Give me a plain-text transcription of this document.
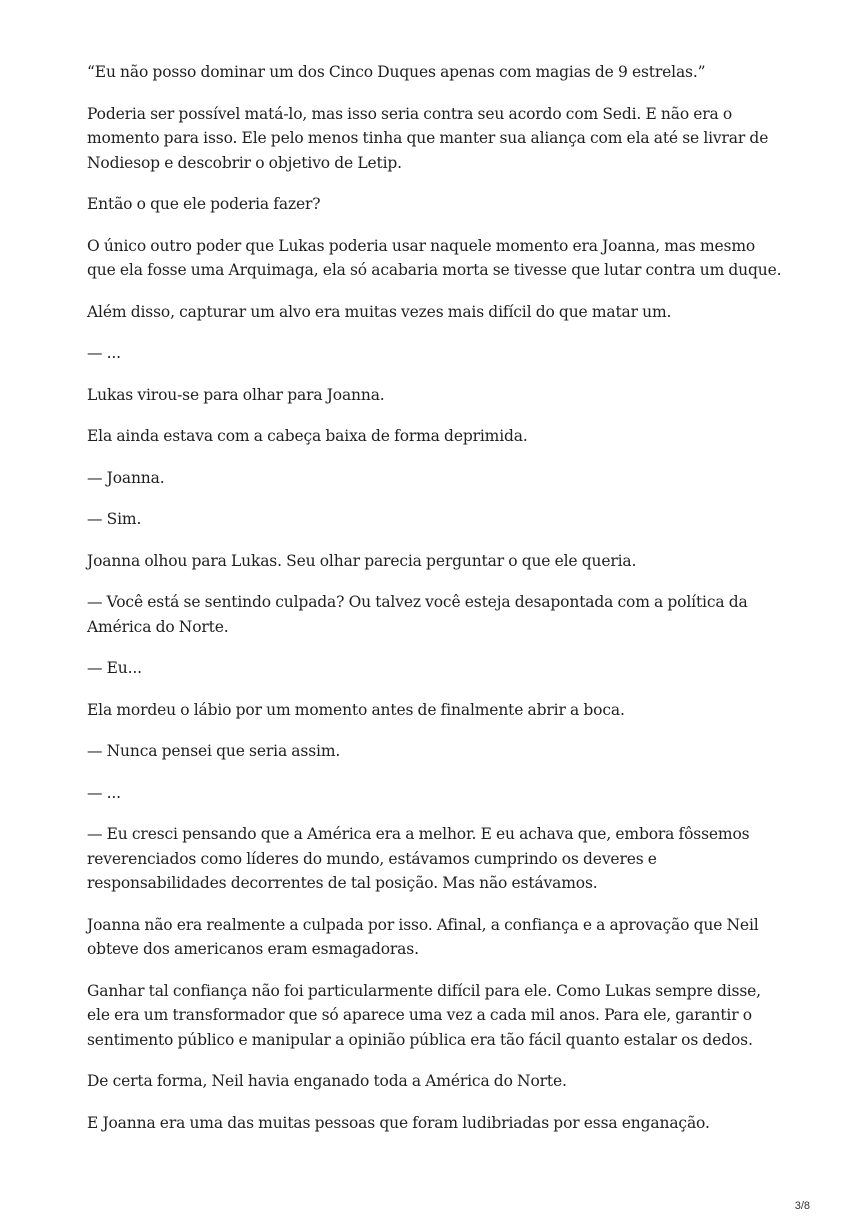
“Eu não posso dominar um dos Cinco Duques apenas com magias de 9 estrelas.”

Poderia ser possível matá-lo, mas isso seria contra seu acordo com Sedi. E não era o momento para isso. Ele pelo menos tinha que manter sua aliança com ela até se livrar de Nodiesop e descobrir o objetivo de Letip.

Então o que ele poderia fazer?

O único outro poder que Lukas poderia usar naquele momento era Joanna, mas mesmo que ela fosse uma Arquimaga, ela só acabaria morta se tivesse que lutar contra um duque.

Além disso, capturar um alvo era muitas vezes mais difícil do que matar um.

— ...

Lukas virou-se para olhar para Joanna.

Ela ainda estava com a cabeça baixa de forma deprimida.

— Joanna.

— Sim.

Joanna olhou para Lukas. Seu olhar parecia perguntar o que ele queria.

— Você está se sentindo culpada? Ou talvez você esteja desapontada com a política da América do Norte.

— Eu...

Ela mordeu o lábio por um momento antes de finalmente abrir a boca.

— Nunca pensei que seria assim.

— ...

— Eu cresci pensando que a América era a melhor. E eu achava que, embora fôssemos reverenciados como líderes do mundo, estávamos cumprindo os deveres e responsabilidades decorrentes de tal posição. Mas não estávamos.

Joanna não era realmente a culpada por isso. Afinal, a confiança e a aprovação que Neil obteve dos americanos eram esmagadoras.

Ganhar tal confiança não foi particularmente difícil para ele. Como Lukas sempre disse, ele era um transformador que só aparece uma vez a cada mil anos. Para ele, garantir o sentimento público e manipular a opinião pública era tão fácil quanto estalar os dedos.

De certa forma, Neil havia enganado toda a América do Norte.

E Joanna era uma das muitas pessoas que foram ludibriadas por essa enganação.

3/8
